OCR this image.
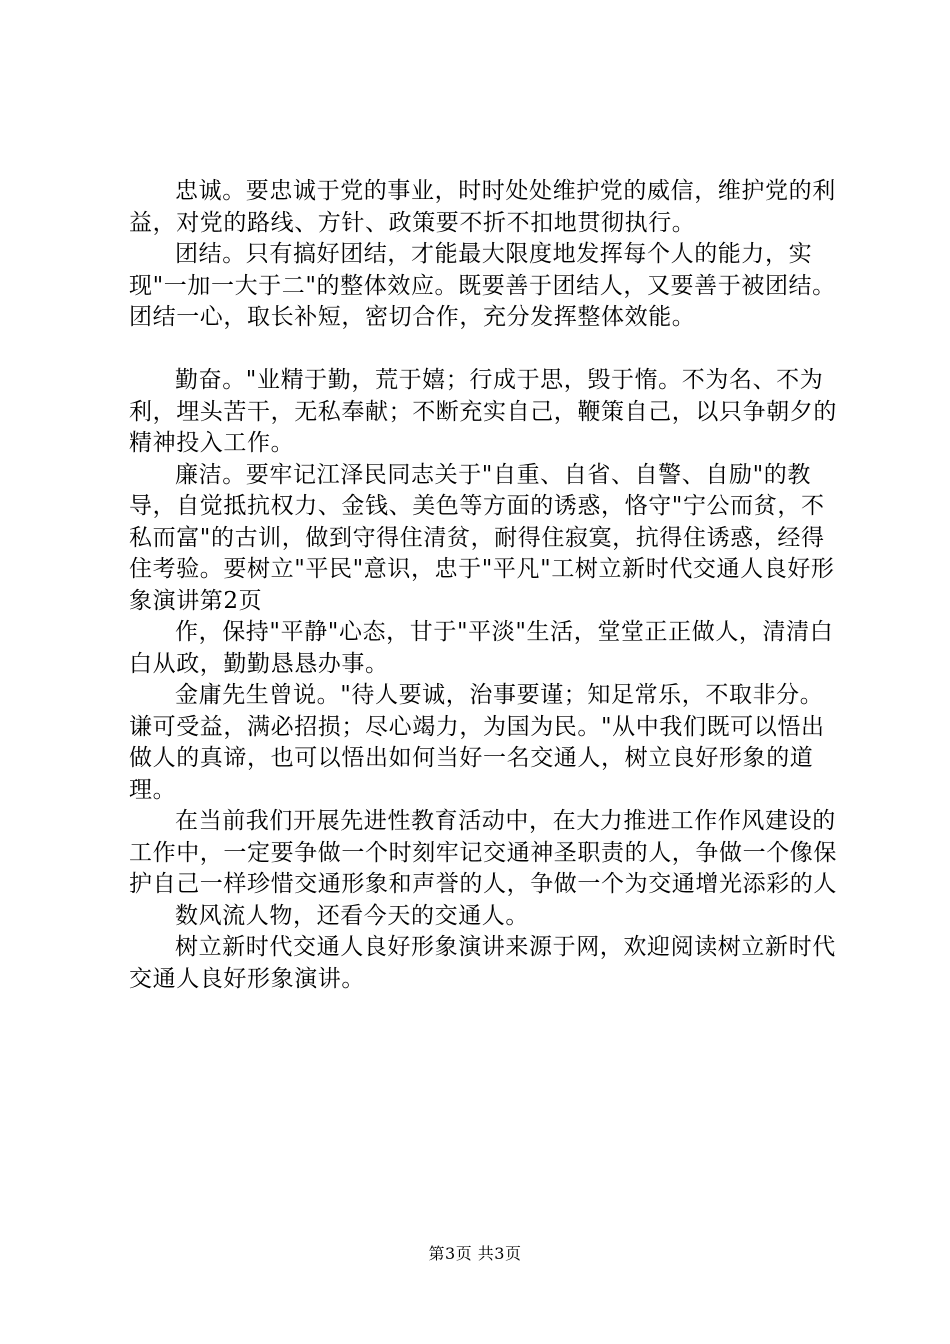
忠诚。要忠诚于党的事业，时时处处维护党的威信，维护党的利益，对党的路线、方针、政策要不折不扣地贯彻执行。

团结。只有搞好团结，才能最大限度地发挥每个人的能力，实现"一加一大于二"的整体效应。既要善于团结人，又要善于被团结。团结一心，取长补短，密切合作，充分发挥整体效能。

勤奋。"业精于勤，荒于嬉；行成于思，毁于惰。不为名、不为利，埋头苦干，无私奉献；不断充实自己，鞭策自己，以只争朝夕的精神投入工作。

廉洁。要牢记江泽民同志关于"自重、自省、自警、自励"的教导，自觉抵抗权力、金钱、美色等方面的诱惑，恪守"宁公而贫，不私而富"的古训，做到守得住清贫，耐得住寂寞，抗得住诱惑，经得住考验。要树立"平民"意识，忠于"平凡"工树立新时代交通人良好形象演讲第2页

作，保持"平静"心态，甘于"平淡"生活，堂堂正正做人，清清白白从政，勤勤恳恳办事。

金庸先生曾说。"待人要诚，治事要谨；知足常乐，不取非分。谦可受益，满必招损；尽心竭力，为国为民。"从中我们既可以悟出做人的真谛，也可以悟出如何当好一名交通人，树立良好形象的道理。

在当前我们开展先进性教育活动中，在大力推进工作作风建设的工作中，一定要争做一个时刻牢记交通神圣职责的人，争做一个像保护自己一样珍惜交通形象和声誉的人，争做一个为交通增光添彩的人

数风流人物，还看今天的交通人。

树立新时代交通人良好形象演讲来源于网，欢迎阅读树立新时代交通人良好形象演讲。

第3页 共3页
